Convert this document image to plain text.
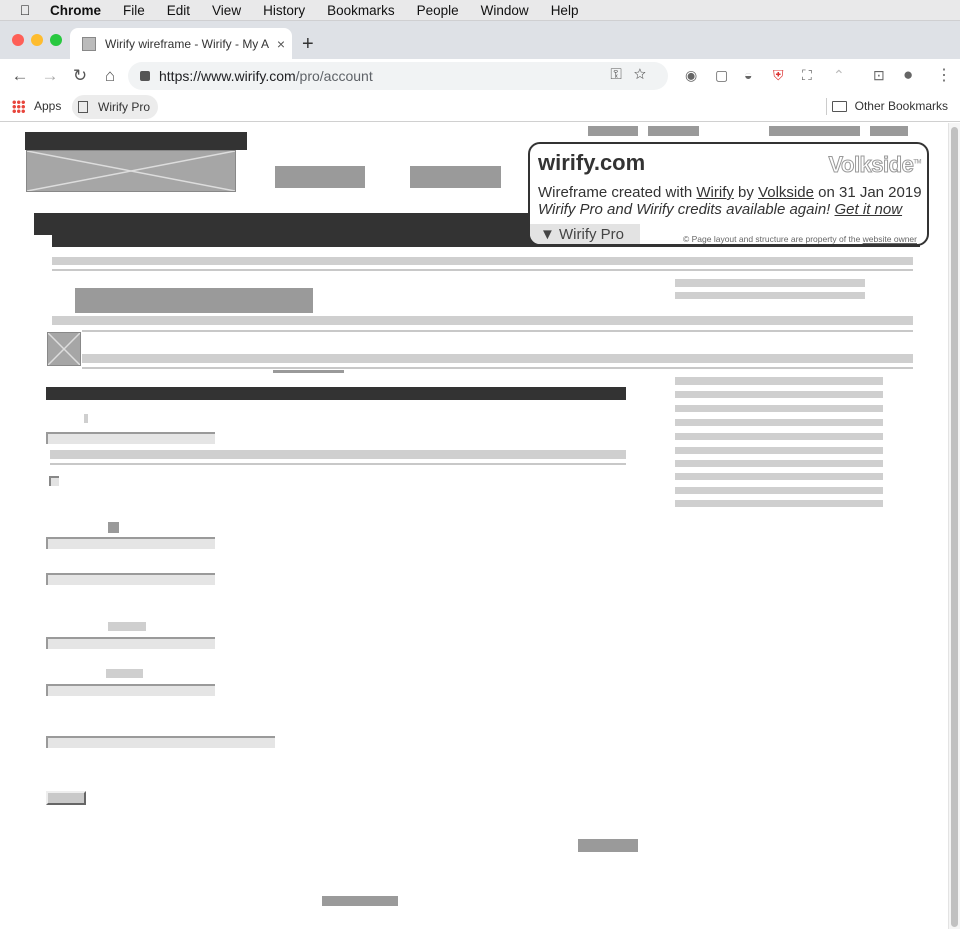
Chrome File Edit View History Bookmarks People Window Help
Wirify wireframe - Wirify - My A × +
← → ↻	⌂	https://www.wirify.com /pro/account	⚿☆ ◉ ▢ ◒ ⛨ ⛶ ⌃ ⊡ ● ⋮
Apps	Wirify Pro	Other Bookmarks
wirify.com	Volkside™
Wireframe created with Wirify by Volkside on 31 Jan 2019
Wirify Pro and Wirify credits available again! Get it now
▼ Wirify Pro	© Page layout and structure are property of the website owner
